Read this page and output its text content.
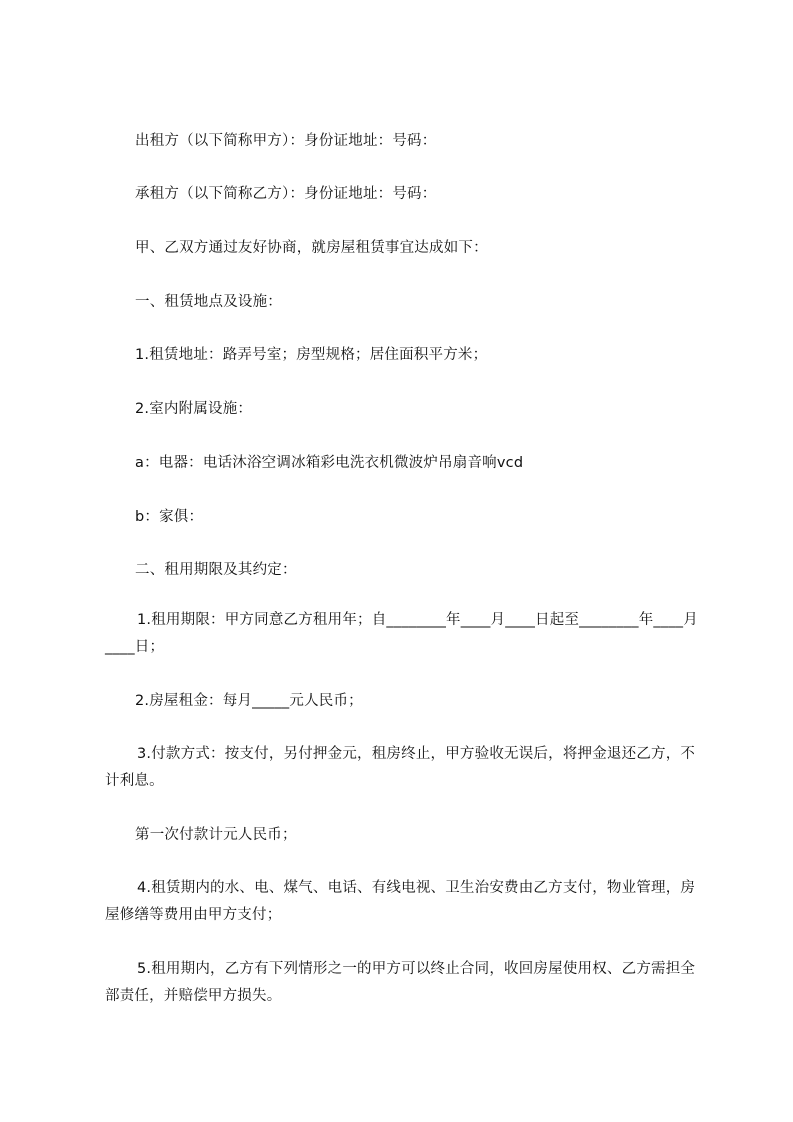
出租方（以下简称甲方）：身份证地址：号码：
承租方（以下简称乙方）：身份证地址：号码：
甲、乙双方通过友好协商，就房屋租赁事宜达成如下：
一、租赁地点及设施：
1.租赁地址：路弄号室；房型规格；居住面积平方米；
2.室内附属设施：
a：电器：电话沐浴空调冰箱彩电洗衣机微波炉吊扇音响vcd
b：家俱：
二、租用期限及其约定：
1.租用期限：甲方同意乙方租用年；自________年____月____日起至________年____月____日；
2.房屋租金：每月_____元人民币；
3.付款方式：按支付，另付押金元，租房终止，甲方验收无误后，将押金退还乙方，不计利息。
第一次付款计元人民币；
4.租赁期内的水、电、煤气、电话、有线电视、卫生治安费由乙方支付，物业管理，房屋修缮等费用由甲方支付；
5.租用期内，乙方有下列情形之一的甲方可以终止合同，收回房屋使用权、乙方需担全部责任，并赔偿甲方损失。
